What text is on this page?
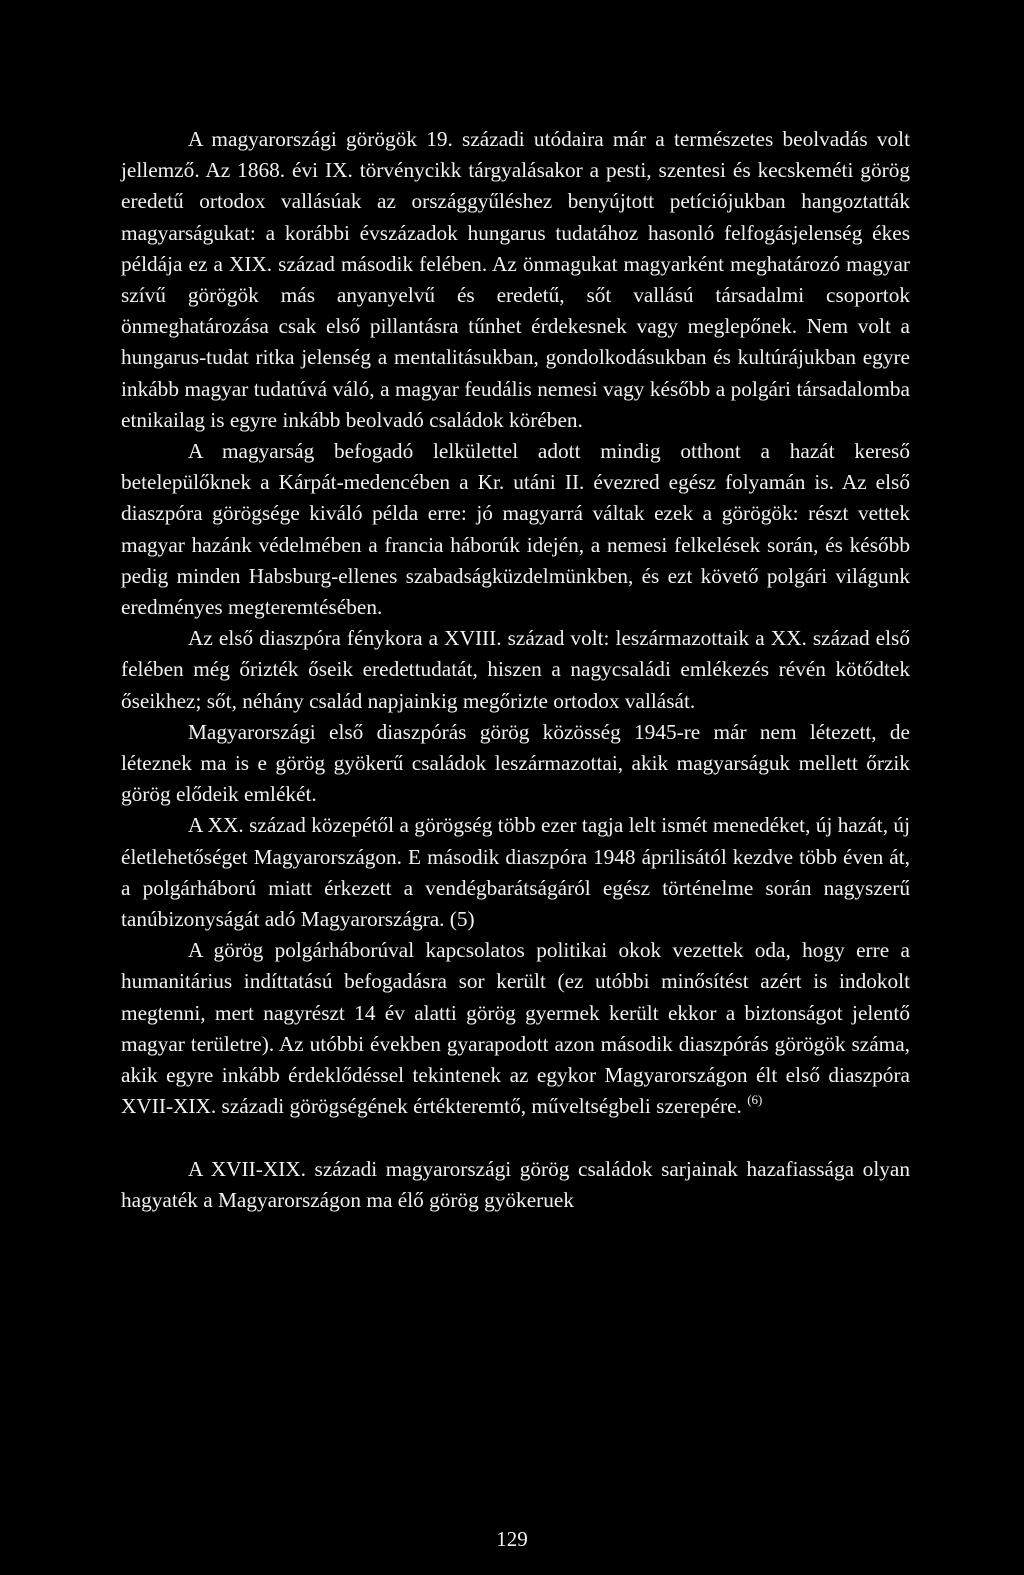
A magyarországi görögök 19. századi utódaira már a természetes beolvadás volt jellemző. Az 1868. évi IX. törvénycikk tárgyalásakor a pesti, szentesi és kecskeméti görög eredetű ortodox vallásúak az országgyűléshez benyújtott petíciójukban hangoztatták magyarságukat: a korábbi évszázadok hungarus tudatához hasonló felfogásjelenség ékes példája ez a XIX. század második felében. Az önmagukat magyarként meghatározó magyar szívű görögök más anyanyelvű és eredetű, sőt vallású társadalmi csoportok önmeghatározása csak első pillantásra tűnhet érdekesnek vagy meglepőnek. Nem volt a hungarus-tudat ritka jelenség a mentalitásukban, gondolkodásukban és kultúrájukban egyre inkább magyar tudatúvá váló, a magyar feudális nemesi vagy később a polgári társadalomba etnikailag is egyre inkább beolvadó családok körében.

A magyarság befogadó lelkülettel adott mindig otthont a hazát kereső betelepülőknek a Kárpát-medencében a Kr. utáni II. évezred egész folyamán is. Az első diaszpóra görögsége kiváló példa erre: jó magyarrá váltak ezek a görögök: részt vettek magyar hazánk védelmében a francia háborúk idején, a nemesi felkelések során, és később pedig minden Habsburg-ellenes szabadságküzdelmünkben, és ezt követő polgári világunk eredményes megteremtésében.

Az első diaszpóra fénykora a XVIII. század volt: leszármazottaik a XX. század első felében még őrizték őseik eredettudatát, hiszen a nagycsaládi emlékezés révén kötődtek őseikhez; sőt, néhány család napjainkig megőrizte ortodox vallását.

Magyarországi első diaszpórás görög közösség 1945-re már nem létezett, de léteznek ma is e görög gyökerű családok leszármazottai, akik magyarságuk mellett őrzik görög elődeik emlékét.

A XX. század közepétől a görögség több ezer tagja lelt ismét menedéket, új hazát, új életlehetőséget Magyarországon. E második diaszpóra 1948 áprilisától kezdve több éven át, a polgárháború miatt érkezett a vendégbarátságáról egész történelme során nagyszerű tanúbizonyságát adó Magyarországra. (5)

A görög polgárháborúval kapcsolatos politikai okok vezettek oda, hogy erre a humanitárius indíttatású befogadásra sor került (ez utóbbi minősítést azért is indokolt megtenni, mert nagyrészt 14 év alatti görög gyermek került ekkor a biztonságot jelentő magyar területre). Az utóbbi években gyarapodott azon második diaszpórás görögök száma, akik egyre inkább érdeklődéssel tekintenek az egykor Magyarországon élt első diaszpóra XVII-XIX. századi görögségének értékteremtő, műveltségbeli szerepére. $^{(6)}$

A XVII-XIX. századi magyarországi görög családok sarjainak hazafiassága olyan hagyaték a Magyarországon ma élő görög gyökeruek

129
